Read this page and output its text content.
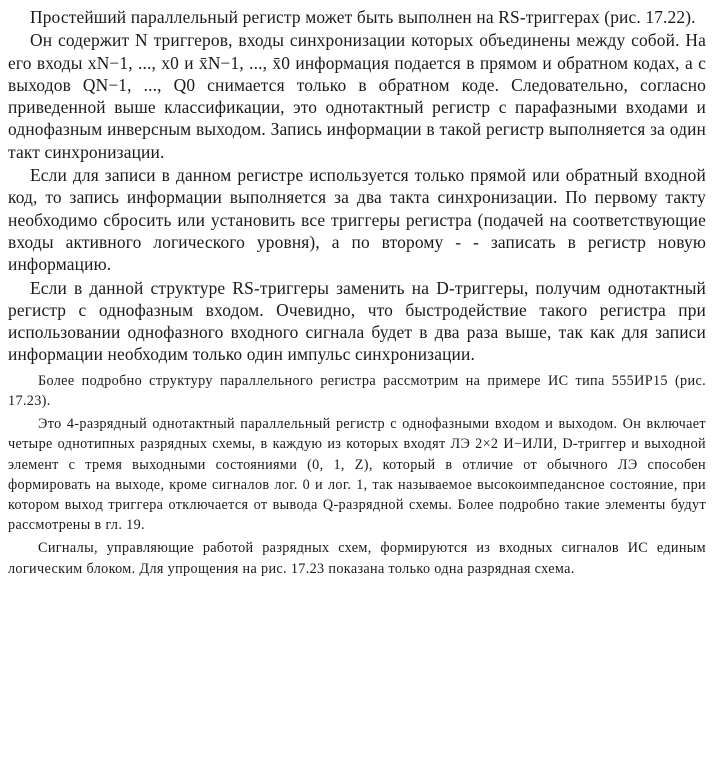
Простейший параллельный регистр может быть выполнен на RS-триггерах (рис. 17.22).

Он содержит N триггеров, входы синхронизации которых объединены между собой. На его входы xN−1, ..., x0 и x̄N−1, ..., x̄0 информация подается в прямом и обратном кодах, а с выходов QN−1, ..., Q0 снимается только в обратном коде. Следовательно, согласно приведенной выше классификации, это однотактный регистр с парафазными входами и однофазным инверсным выходом. Запись информации в такой регистр выполняется за один такт синхронизации.

Если для записи в данном регистре используется только прямой или обратный входной код, то запись информации выполняется за два такта синхронизации. По первому такту необходимо сбросить или установить все триггеры регистра (подачей на соответствующие входы активного логического уровня), а по второму - - записать в регистр новую информацию.

Если в данной структуре RS-триггеры заменить на D-триггеры, получим однотактный регистр с однофазным входом. Очевидно, что быстродействие такого регистра при использовании однофазного входного сигнала будет в два раза выше, так как для записи информации необходим только один импульс синхронизации.

Более подробно структуру параллельного регистра рассмотрим на примере ИС типа 555ИР15 (рис. 17.23).

Это 4-разрядный однотактный параллельный регистр с однофазными входом и выходом. Он включает четыре однотипных разрядных схемы, в каждую из которых входят ЛЭ 2×2 И−ИЛИ, D-триггер и выходной элемент с тремя выходными состояниями (0, 1, Z), который в отличие от обычного ЛЭ способен формировать на выходе, кроме сигналов лог. 0 и лог. 1, так называемое высокоимпедансное состояние, при котором выход триггера отключается от вывода Q-разрядной схемы. Более подробно такие элементы будут рассмотрены в гл. 19.

Сигналы, управляющие работой разрядных схем, формируются из входных сигналов ИС единым логическим блоком. Для упрощения на рис. 17.23 показана только одна разрядная схема.
